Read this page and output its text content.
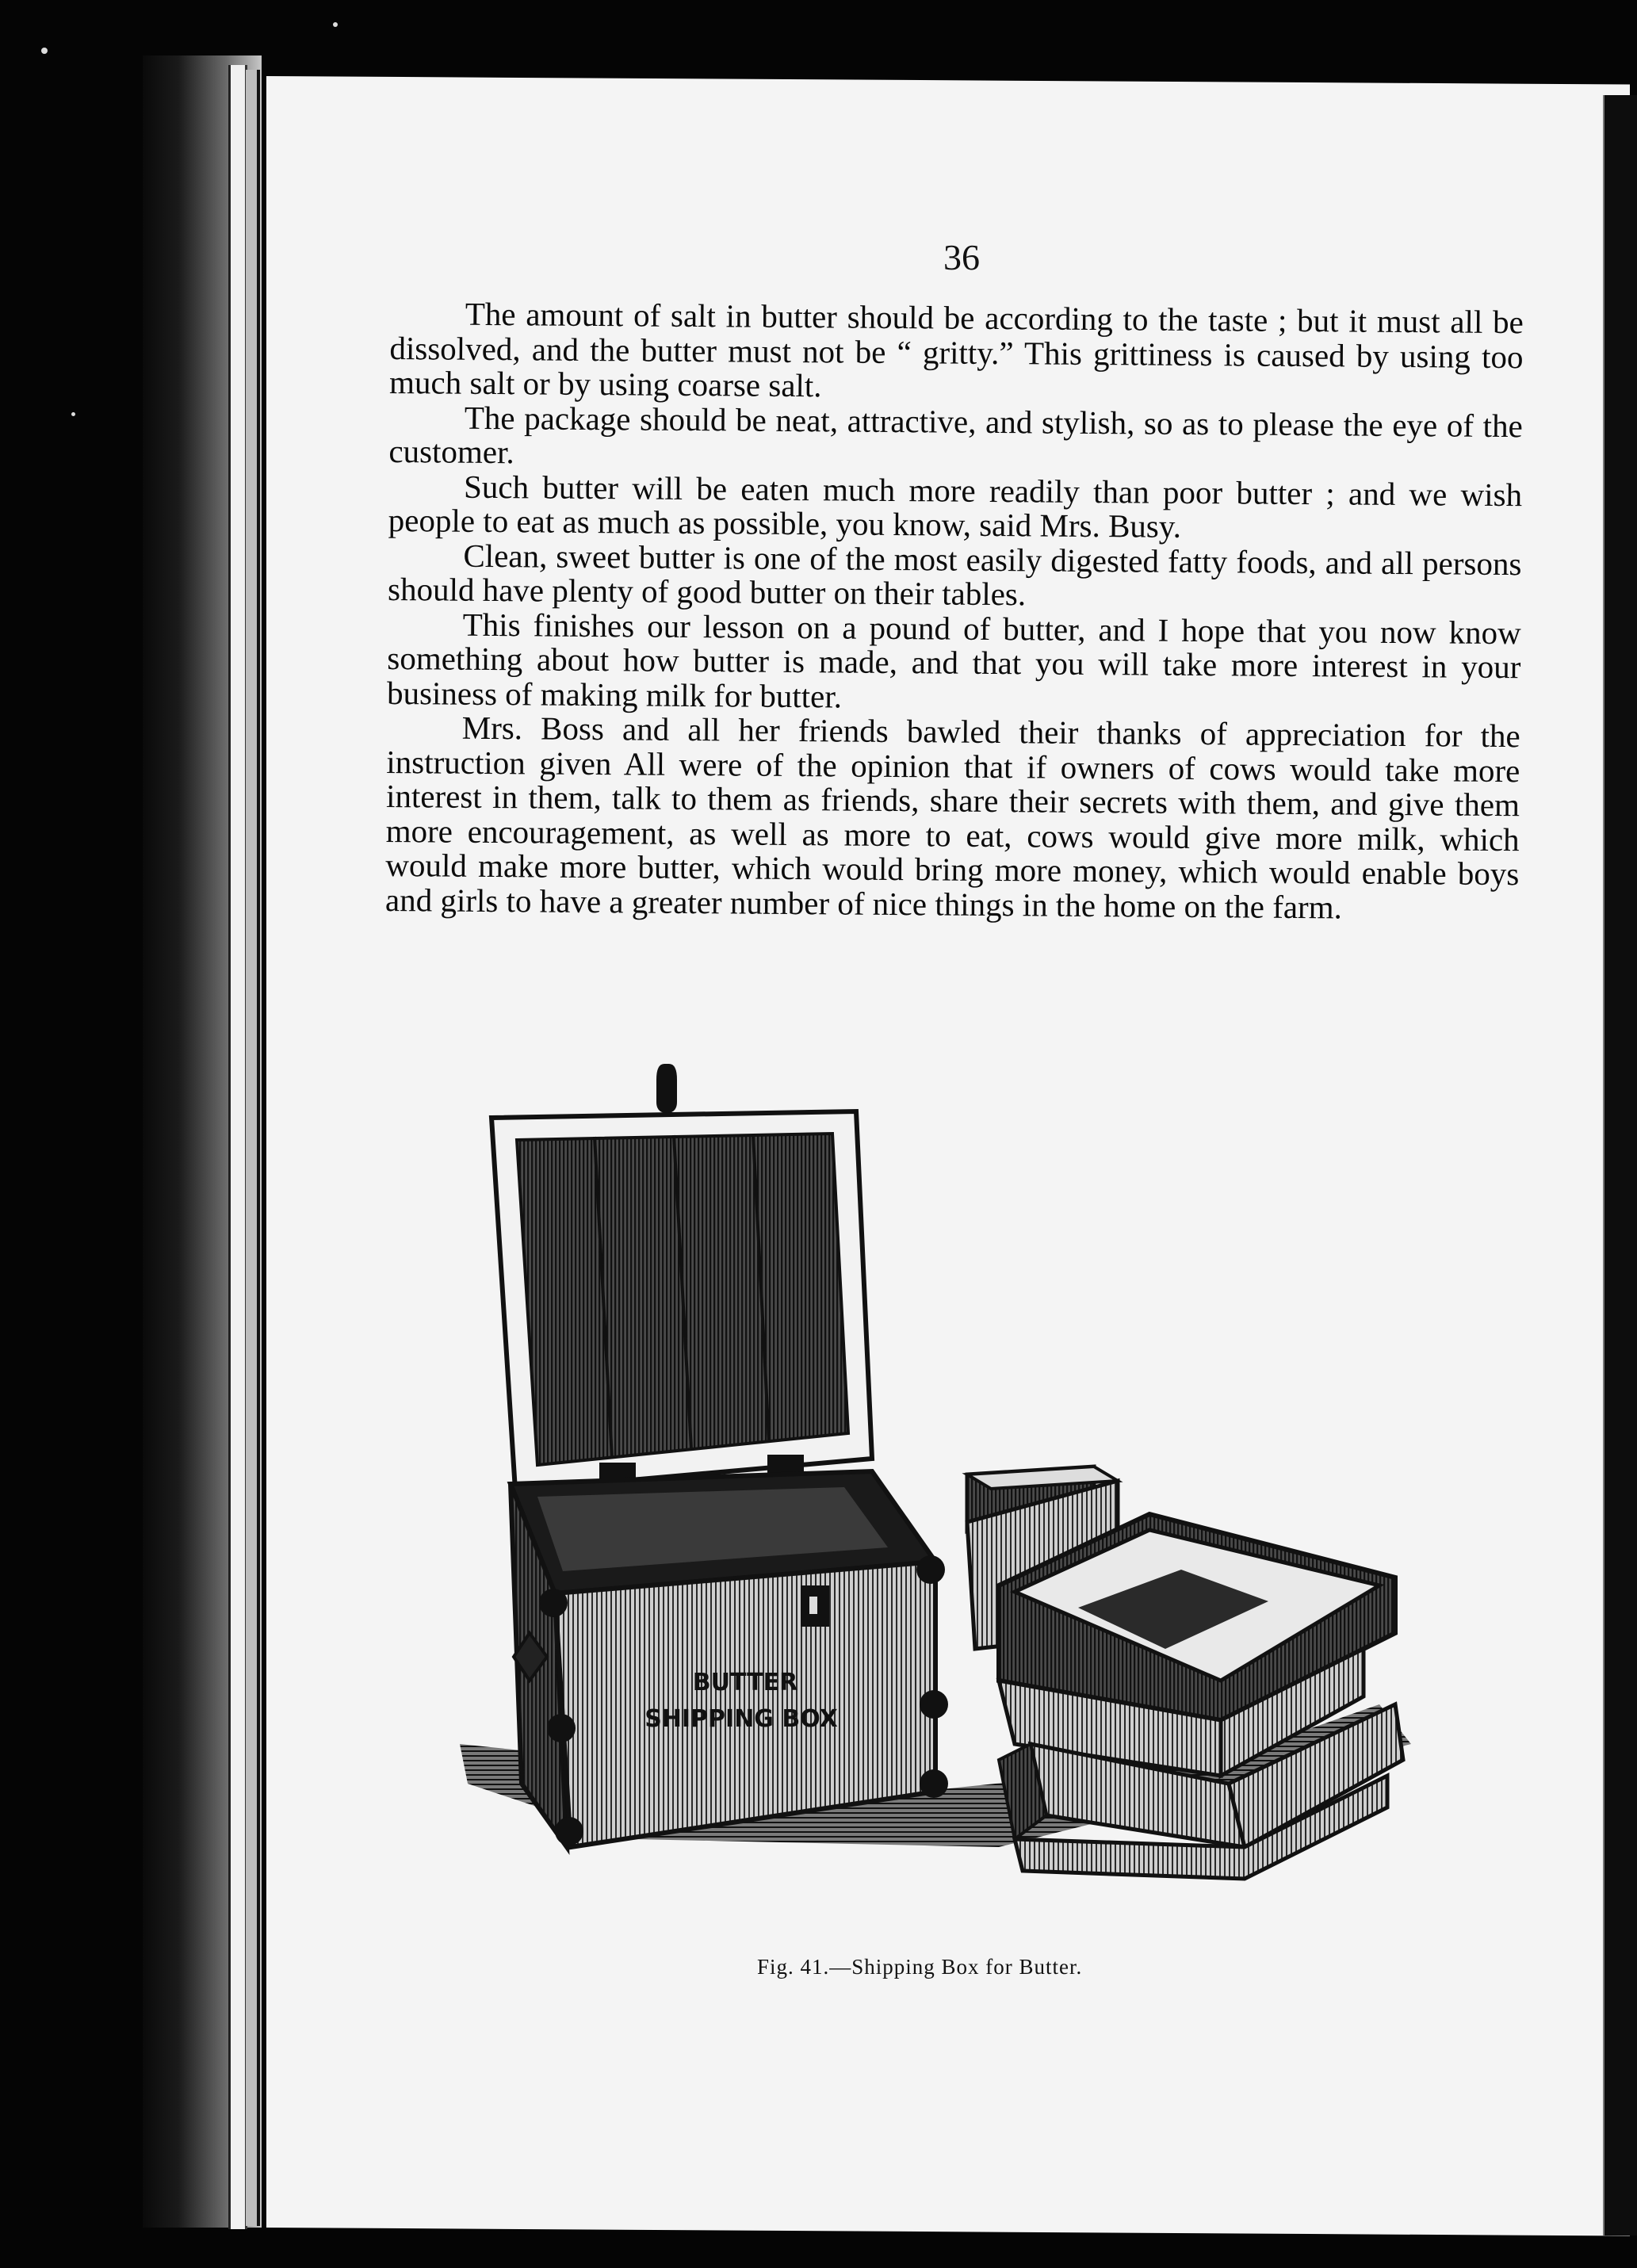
36

The amount of salt in butter should be according to the taste ; but it must all be dissolved, and the butter must not be “ gritty.” This grittiness is caused by using too much salt or by using coarse salt.

The package should be neat, attractive, and stylish, so as to please the eye of the customer.

Such butter will be eaten much more readily than poor butter ; and we wish people to eat as much as possible, you know, said Mrs. Busy.

Clean, sweet butter is one of the most easily digested fatty foods, and all persons should have plenty of good butter on their tables.

This finishes our lesson on a pound of butter, and I hope that you now know something about how butter is made, and that you will take more interest in your business of making milk for butter.

Mrs. Boss and all her friends bawled their thanks of appreciation for the instruction given All were of the opinion that if owners of cows would take more interest in them, talk to them as friends, share their secrets with them, and give them more encouragement, as well as more to eat, cows would give more milk, which would make more butter, which would bring more money, which would enable boys and girls to have a greater number of nice things in the home on the farm.

BUTTER
SHIPPING BOX
Fig. 41.—Shipping Box for Butter.
